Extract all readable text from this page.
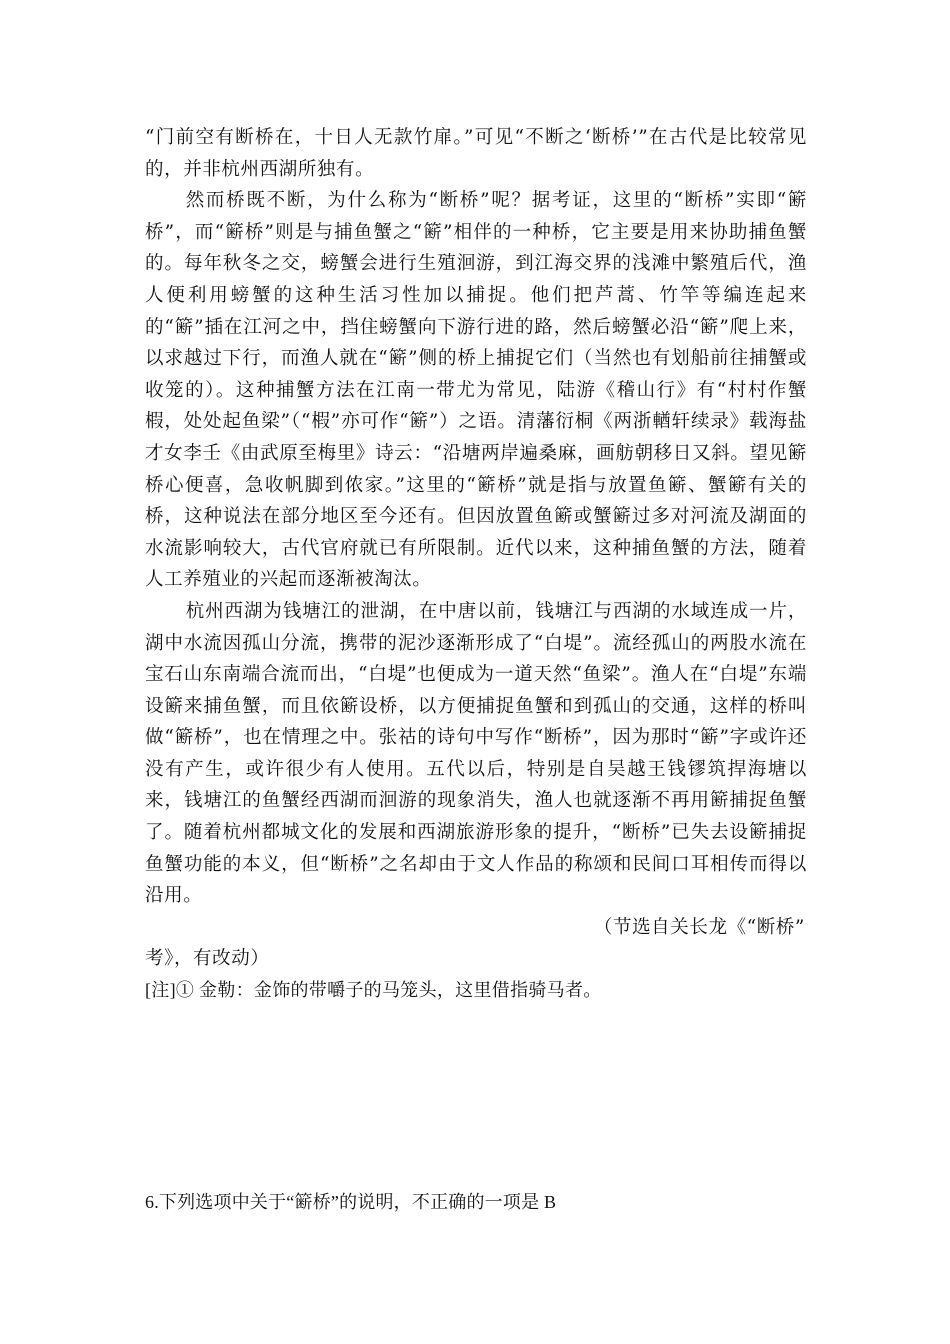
“门前空有断桥在，十日人无款竹扉。”可见“不断之‘断桥’”在古代是比较常见的，并非杭州西湖所独有。

然而桥既不断，为什么称为“断桥”呢？据考证，这里的“断桥”实即“簖桥”，而“簖桥”则是与捕鱼蟹之“簖”相伴的一种桥，它主要是用来协助捕鱼蟹的。每年秋冬之交，螃蟹会进行生殖洄游，到江海交界的浅滩中繁殖后代，渔人便利用螃蟹的这种生活习性加以捕捉。他们把芦蒿、竹竿等编连起来的“簖”插在江河之中，挡住螃蟹向下游行进的路，然后螃蟹必沿“簖”爬上来，以求越过下行，而渔人就在“簖”侧的桥上捕捉它们（当然也有划船前往捕蟹或收笼的）。这种捕蟹方法在江南一带尤为常见，陆游《稽山行》有“村村作蟹椵，处处起鱼梁”（“椵”亦可作“簖”）之语。清藩衍桐《两浙輶轩续录》载海盐才女李壬《由武原至梅里》诗云：“沿塘两岸遍桑麻，画舫朝移日又斜。望见簖桥心便喜，急收帆脚到侬家。”这里的“簖桥”就是指与放置鱼簖、蟹簖有关的桥，这种说法在部分地区至今还有。但因放置鱼簖或蟹簖过多对河流及湖面的水流影响较大，古代官府就已有所限制。近代以来，这种捕鱼蟹的方法，随着人工养殖业的兴起而逐渐被淘汰。

杭州西湖为钱塘江的泄湖，在中唐以前，钱塘江与西湖的水域连成一片，湖中水流因孤山分流，携带的泥沙逐渐形成了“白堤”。流经孤山的两股水流在宝石山东南端合流而出，“白堤”也便成为一道天然“鱼梁”。渔人在“白堤”东端设簖来捕鱼蟹，而且依簖设桥，以方便捕捉鱼蟹和到孤山的交通，这样的桥叫做“簖桥”，也在情理之中。张祜的诗句中写作“断桥”，因为那时“簖”字或许还没有产生，或许很少有人使用。五代以后，特别是自吴越王钱镠筑捍海塘以来，钱塘江的鱼蟹经西湖而洄游的现象消失，渔人也就逐渐不再用簖捕捉鱼蟹了。随着杭州都城文化的发展和西湖旅游形象的提升，“断桥”已失去设簖捕捉鱼蟹功能的本义，但“断桥”之名却由于文人作品的称颂和民间口耳相传而得以沿用。

（节选自关长龙《“断桥”

考》，有改动）

[注]① 金勒：金饰的带嚼子的马笼头，这里借指骑马者。

6.下列选项中关于“簖桥”的说明，不正确的一项是 B
